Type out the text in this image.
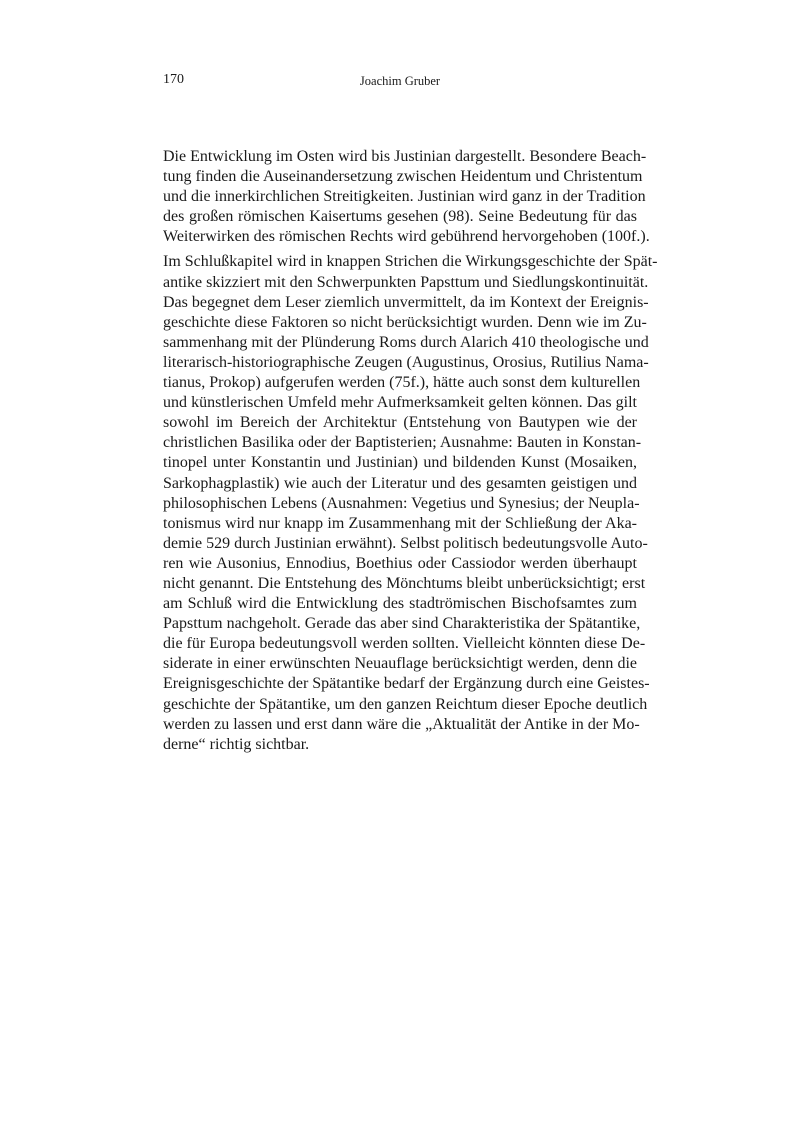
170	Joachim Gruber
Die Entwicklung im Osten wird bis Justinian dargestellt. Besondere Beach-
tung finden die Auseinandersetzung zwischen Heidentum und Christentum
und die innerkirchlichen Streitigkeiten. Justinian wird ganz in der Tradition
des großen römischen Kaisertums gesehen (98). Seine Bedeutung für das
Weiterwirken des römischen Rechts wird gebührend hervorgehoben (100f.).
Im Schlußkapitel wird in knappen Strichen die Wirkungsgeschichte der Spät-
antike skizziert mit den Schwerpunkten Papsttum und Siedlungskontinuität.
Das begegnet dem Leser ziemlich unvermittelt, da im Kontext der Ereignis-
geschichte diese Faktoren so nicht berücksichtigt wurden. Denn wie im Zu-
sammenhang mit der Plünderung Roms durch Alarich 410 theologische und
literarisch-historiographische Zeugen (Augustinus, Orosius, Rutilius Nama-
tianus, Prokop) aufgerufen werden (75f.), hätte auch sonst dem kulturellen
und künstlerischen Umfeld mehr Aufmerksamkeit gelten können. Das gilt
sowohl im Bereich der Architektur (Entstehung von Bautypen wie der
christlichen Basilika oder der Baptisterien; Ausnahme: Bauten in Konstan-
tinopel unter Konstantin und Justinian) und bildenden Kunst (Mosaiken,
Sarkophagplastik) wie auch der Literatur und des gesamten geistigen und
philosophischen Lebens (Ausnahmen: Vegetius und Synesius; der Neupla-
tonismus wird nur knapp im Zusammenhang mit der Schließung der Aka-
demie 529 durch Justinian erwähnt). Selbst politisch bedeutungsvolle Auto-
ren wie Ausonius, Ennodius, Boethius oder Cassiodor werden überhaupt
nicht genannt. Die Entstehung des Mönchtums bleibt unberücksichtigt; erst
am Schluß wird die Entwicklung des stadtrömischen Bischofsamtes zum
Papsttum nachgeholt. Gerade das aber sind Charakteristika der Spätantike,
die für Europa bedeutungsvoll werden sollten. Vielleicht könnten diese De-
siderate in einer erwünschten Neuauflage berücksichtigt werden, denn die
Ereignisgeschichte der Spätantike bedarf der Ergänzung durch eine Geistes-
geschichte der Spätantike, um den ganzen Reichtum dieser Epoche deutlich
werden zu lassen und erst dann wäre die „Aktualität der Antike in der Mo-
derne“ richtig sichtbar.
